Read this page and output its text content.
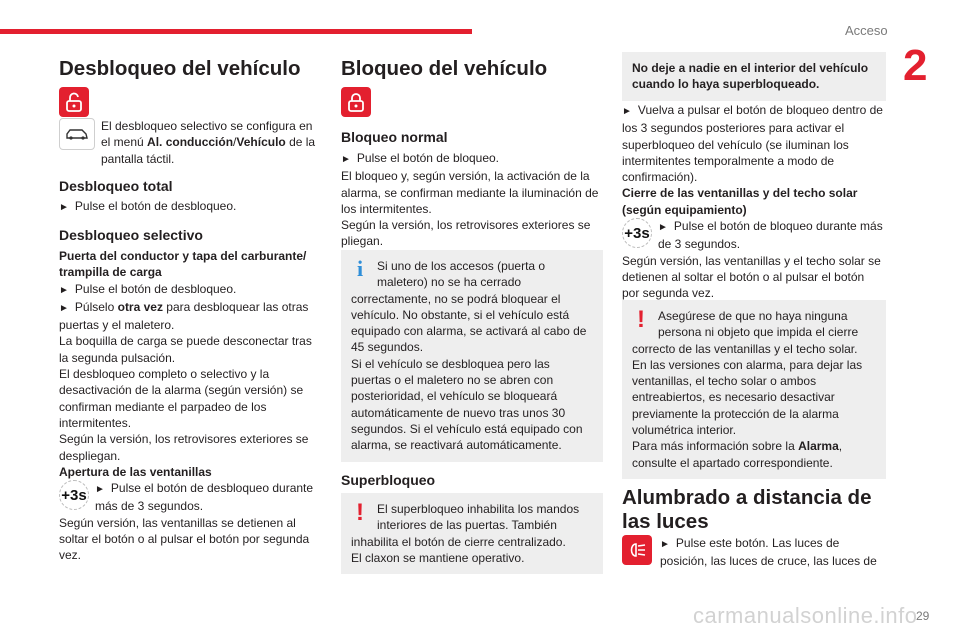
Acceso
2
29
carmanualsonline.info
Desbloqueo del vehículo

El desbloqueo selectivo se configura en el menú Al. conducción/Vehículo de la pantalla táctil.

Desbloqueo total

► Pulse el botón de desbloqueo.

Desbloqueo selectivo

Puerta del conductor y tapa del carburante/ trampilla de carga

► Pulse el botón de desbloqueo.

► Púlselo otra vez para desbloquear las otras puertas y el maletero.

La boquilla de carga se puede desconectar tras la segunda pulsación.

El desbloqueo completo o selectivo y la desactivación de la alarma (según versión) se confirman mediante el parpadeo de los intermitentes.

Según la versión, los retrovisores exteriores se despliegan.

Apertura de las ventanillas

+3s ► Pulse el botón de desbloqueo durante más de 3 segundos.

Según versión, las ventanillas se detienen al soltar el botón o al pulsar el botón por segunda vez.

Bloqueo del vehículo
Bloqueo normal

► Pulse el botón de bloqueo.

El bloqueo y, según versión, la activación de la alarma, se confirman mediante la iluminación de los intermitentes.

Según la versión, los retrovisores exteriores se pliegan.

i	Si uno de los accesos (puerta o maletero) no se ha cerrado correctamente, no se podrá bloquear el vehículo. No obstante, si el vehículo está equipado con alarma, se activará al cabo de 45 segundos.

Si el vehículo se desbloquea pero las puertas o el maletero no se abren con posterioridad, el vehículo se bloqueará automáticamente de nuevo tras unos 30 segundos. Si el vehículo está equipado con alarma, se reactivará automáticamente.

Superbloqueo
!	El superbloqueo inhabilita los mandos interiores de las puertas. También inhabilita el botón de cierre centralizado.

El claxon se mantiene operativo.

No deje a nadie en el interior del vehículo cuando lo haya superbloqueado.

► Vuelva a pulsar el botón de bloqueo dentro de los 3 segundos posteriores para activar el superbloqueo del vehículo (se iluminan los intermitentes temporalmente a modo de confirmación).

Cierre de las ventanillas y del techo solar (según equipamiento)

+3s ► Pulse el botón de bloqueo durante más de 3 segundos.

Según versión, las ventanillas y el techo solar se detienen al soltar el botón o al pulsar el botón por segunda vez.

!	Asegúrese de que no haya ninguna persona ni objeto que impida el cierre correcto de las ventanillas y el techo solar.

En las versiones con alarma, para dejar las ventanillas, el techo solar o ambos entreabiertos, es necesario desactivar previamente la protección de la alarma volumétrica interior.

Para más información sobre la Alarma, consulte el apartado correspondiente.

Alumbrado a distancia de las luces

► Pulse este botón. Las luces de posición, las luces de cruce, las luces de
